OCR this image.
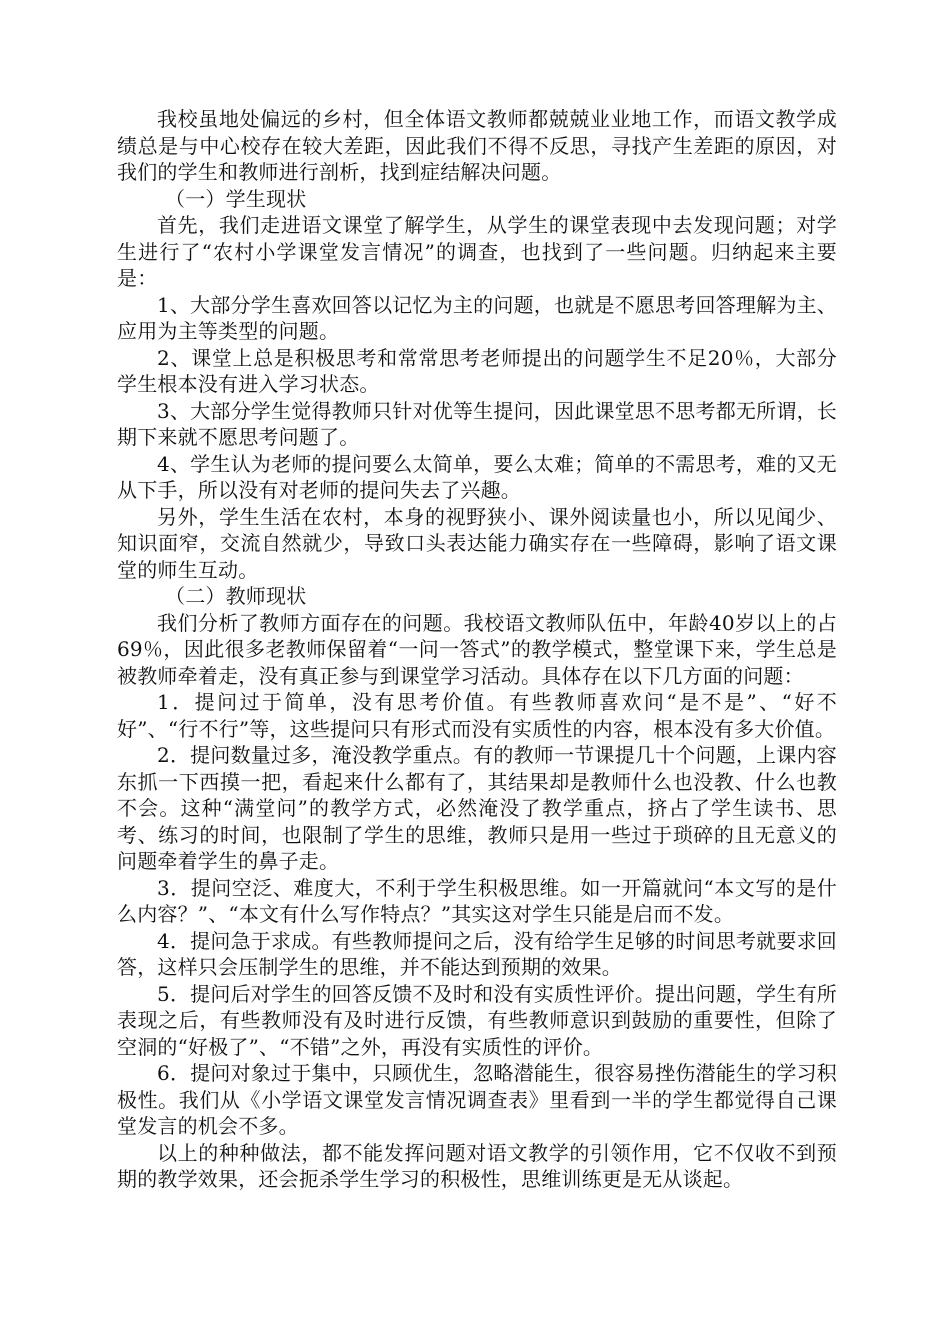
我校虽地处偏远的乡村，但全体语文教师都兢兢业业地工作，而语文教学成绩总是与中心校存在较大差距，因此我们不得不反思，寻找产生差距的原因，对我们的学生和教师进行剖析，找到症结解决问题。

（一）学生现状

首先，我们走进语文课堂了解学生，从学生的课堂表现中去发现问题；对学生进行了“农村小学课堂发言情况”的调查，也找到了一些问题。归纳起来主要是：

1、大部分学生喜欢回答以记忆为主的问题，也就是不愿思考回答理解为主、应用为主等类型的问题。

2、课堂上总是积极思考和常常思考老师提出的问题学生不足20％，大部分学生根本没有进入学习状态。

3、大部分学生觉得教师只针对优等生提问，因此课堂思不思考都无所谓，长期下来就不愿思考问题了。

4、学生认为老师的提问要么太简单，要么太难；简单的不需思考，难的又无从下手，所以没有对老师的提问失去了兴趣。

另外，学生生活在农村，本身的视野狭小、课外阅读量也小，所以见闻少、知识面窄，交流自然就少，导致口头表达能力确实存在一些障碍，影响了语文课堂的师生互动。

（二）教师现状

我们分析了教师方面存在的问题。我校语文教师队伍中，年龄40岁以上的占69％，因此很多老教师保留着“一问一答式”的教学模式，整堂课下来，学生总是被教师牵着走，没有真正参与到课堂学习活动。具体存在以下几方面的问题：

1．提问过于简单，没有思考价值。有些教师喜欢问“是不是”、“好不好”、“行不行”等，这些提问只有形式而没有实质性的内容，根本没有多大价值。

2．提问数量过多，淹没教学重点。有的教师一节课提几十个问题，上课内容东抓一下西摸一把，看起来什么都有了，其结果却是教师什么也没教、什么也教不会。这种“满堂问”的教学方式，必然淹没了教学重点，挤占了学生读书、思考、练习的时间，也限制了学生的思维，教师只是用一些过于琐碎的且无意义的问题牵着学生的鼻子走。

3．提问空泛、难度大，不利于学生积极思维。如一开篇就问“本文写的是什么内容？”、“本文有什么写作特点？”其实这对学生只能是启而不发。

4．提问急于求成。有些教师提问之后，没有给学生足够的时间思考就要求回答，这样只会压制学生的思维，并不能达到预期的效果。

5．提问后对学生的回答反馈不及时和没有实质性评价。提出问题，学生有所表现之后，有些教师没有及时进行反馈，有些教师意识到鼓励的重要性，但除了空洞的“好极了”、“不错”之外，再没有实质性的评价。

6．提问对象过于集中，只顾优生，忽略潜能生，很容易挫伤潜能生的学习积极性。我们从《小学语文课堂发言情况调查表》里看到一半的学生都觉得自己课堂发言的机会不多。

以上的种种做法，都不能发挥问题对语文教学的引领作用，它不仅收不到预期的教学效果，还会扼杀学生学习的积极性，思维训练更是无从谈起。
